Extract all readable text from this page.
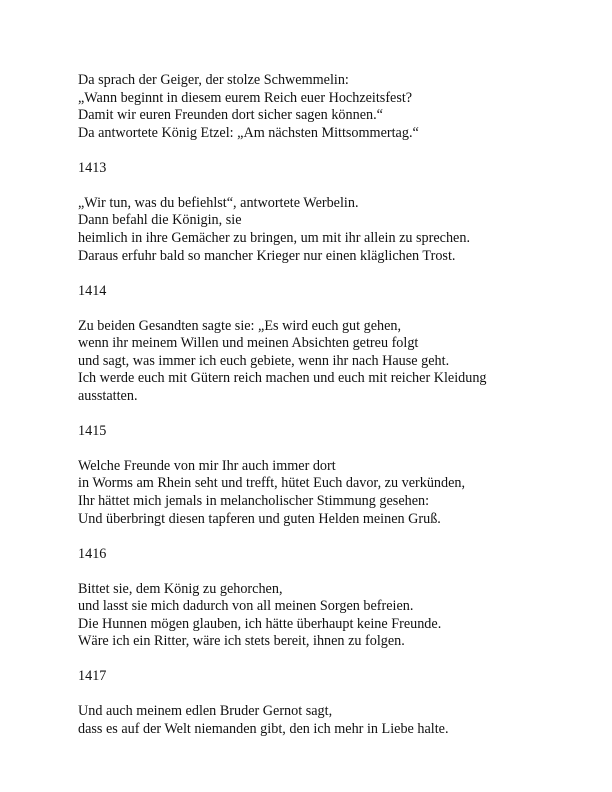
Da sprach der Geiger, der stolze Schwemmelin:
„Wann beginnt in diesem eurem Reich euer Hochzeitsfest?
Damit wir euren Freunden dort sicher sagen können.“
Da antwortete König Etzel: „Am nächsten Mittsommertag.“
1413
„Wir tun, was du befiehlst“, antwortete Werbelin.
Dann befahl die Königin, sie
heimlich in ihre Gemächer zu bringen, um mit ihr allein zu sprechen.
Daraus erfuhr bald so mancher Krieger nur einen kläglichen Trost.
1414
Zu beiden Gesandten sagte sie: „Es wird euch gut gehen,
wenn ihr meinem Willen und meinen Absichten getreu folgt
und sagt, was immer ich euch gebiete, wenn ihr nach Hause geht.
Ich werde euch mit Gütern reich machen und euch mit reicher Kleidung
ausstatten.
1415
Welche Freunde von mir Ihr auch immer dort
in Worms am Rhein seht und trefft, hütet Euch davor, zu verkünden,
Ihr hättet mich jemals in melancholischer Stimmung gesehen:
Und überbringt diesen tapferen und guten Helden meinen Gruß.
1416
Bittet sie, dem König zu gehorchen,
und lasst sie mich dadurch von all meinen Sorgen befreien.
Die Hunnen mögen glauben, ich hätte überhaupt keine Freunde.
Wäre ich ein Ritter, wäre ich stets bereit, ihnen zu folgen.
1417
Und auch meinem edlen Bruder Gernot sagt,
dass es auf der Welt niemanden gibt, den ich mehr in Liebe halte.
